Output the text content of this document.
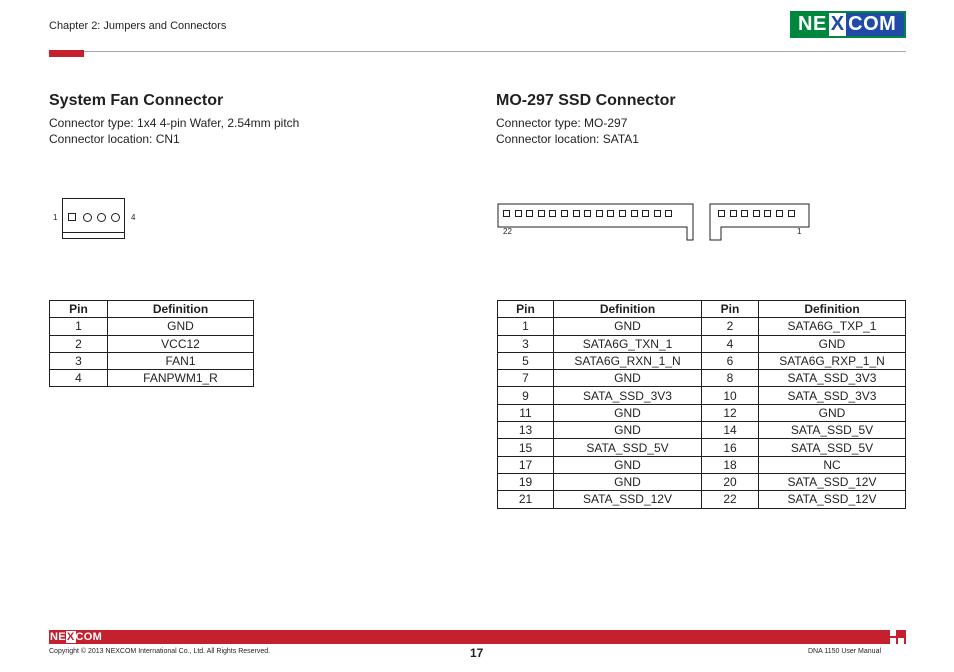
Chapter 2: Jumpers and Connectors	NE X COM
System Fan Connector
Connector type: 1x4 4-pin Wafer, 2.54mm pitch
Connector location: CN1
1	4
Pin	Definition
1	GND
2	VCC12
3	FAN1
4	FANPWM1_R
MO-297 SSD Connector
Connector type: MO-297
Connector location: SATA1
22	1
Pin	Definition	Pin	Definition
1	GND	2	SATA6G_TXP_1
3	SATA6G_TXN_1	4	GND
5	SATA6G_RXN_1_N	6	SATA6G_RXP_1_N
7	GND	8	SATA_SSD_3V3
9	SATA_SSD_3V3	10	SATA_SSD_3V3
11	GND	12	GND
13	GND	14	SATA_SSD_5V
15	SATA_SSD_5V	16	SATA_SSD_5V
17	GND	18	NC
19	GND	20	SATA_SSD_12V
21	SATA_SSD_12V	22	SATA_SSD_12V
NEXCOM
Copyright © 2013 NEXCOM International Co., Ltd. All Rights Reserved.	17	DNA 1150 User Manual
